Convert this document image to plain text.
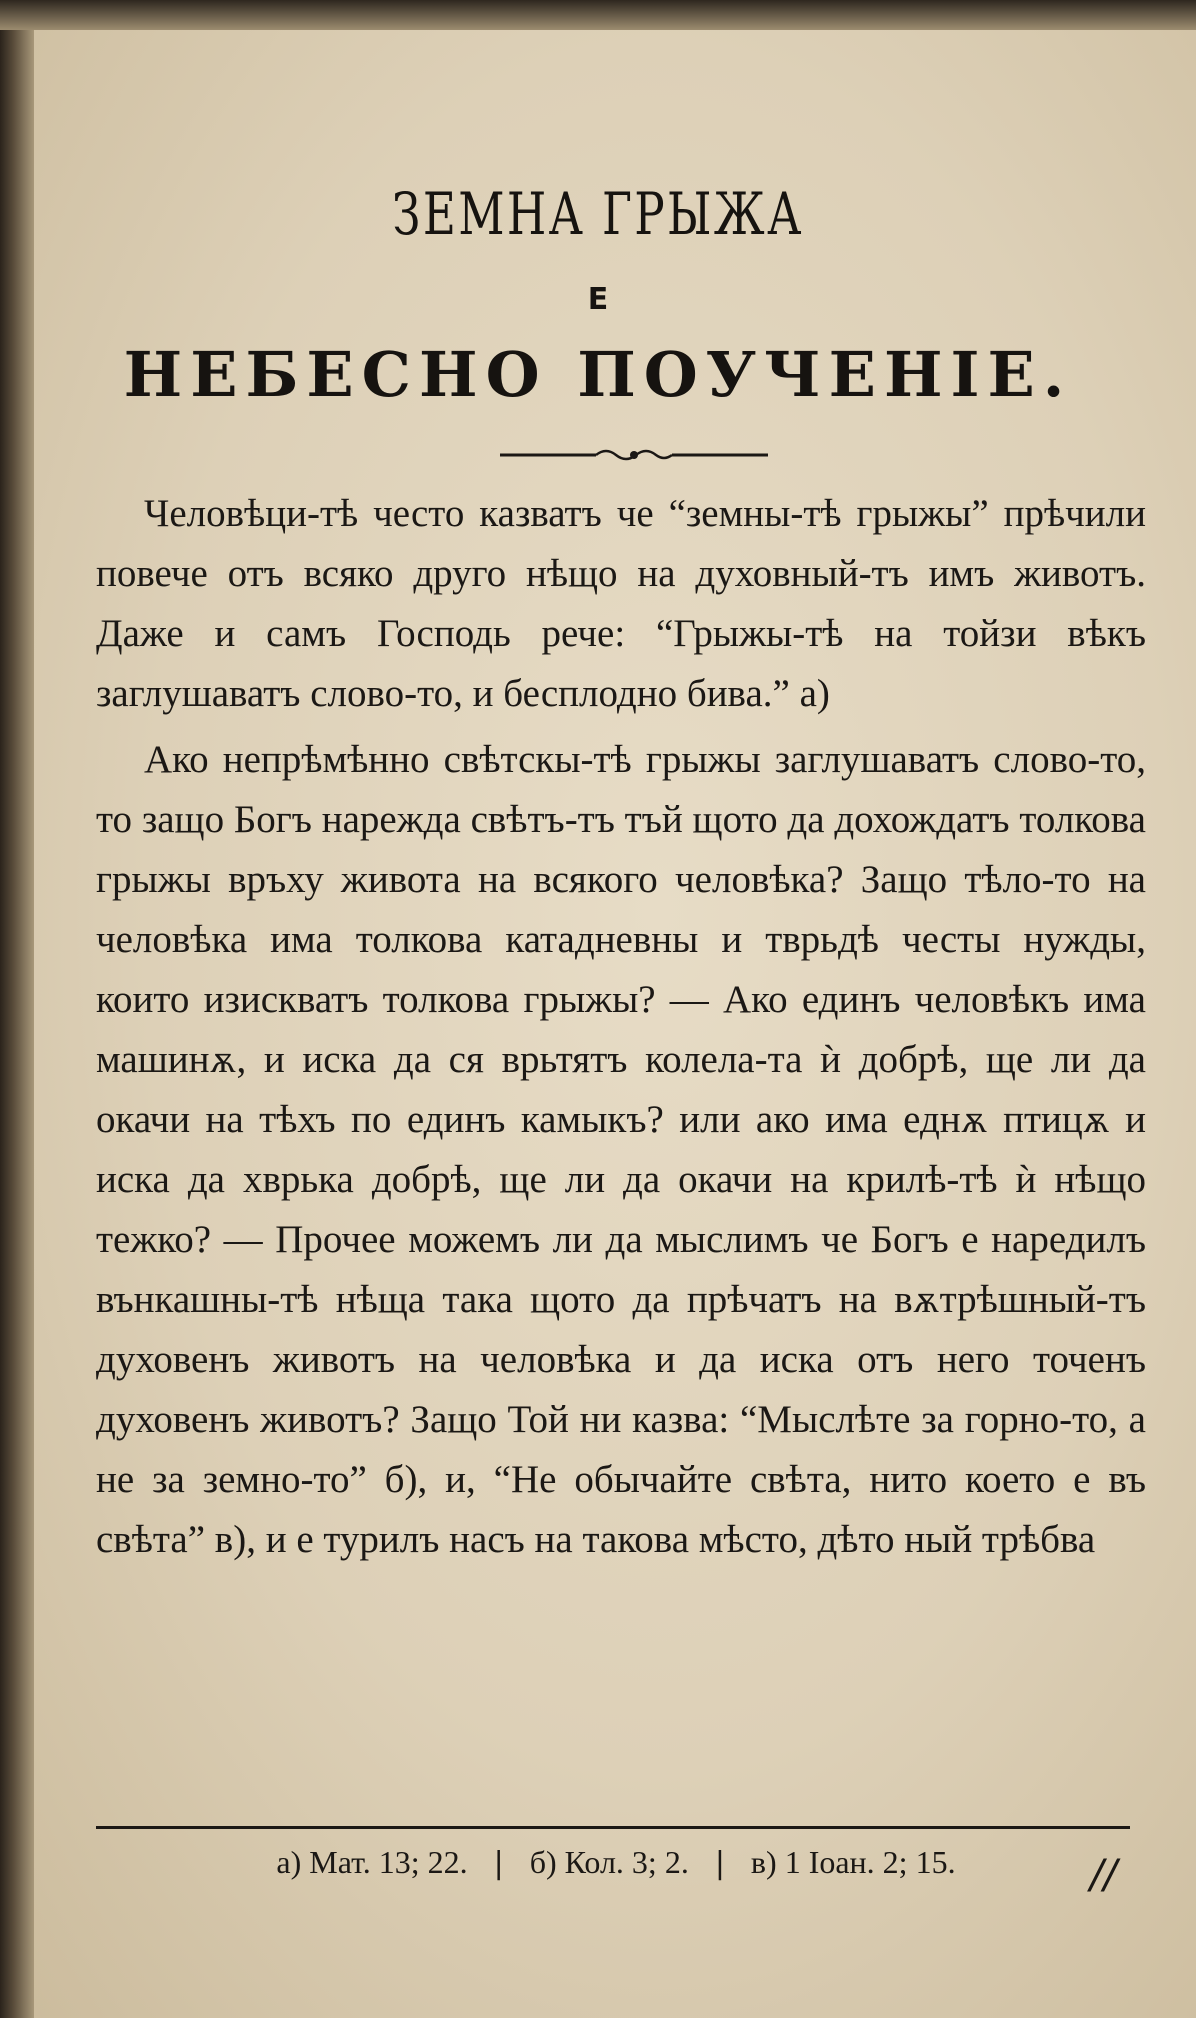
ЗЕМНА ГРЫЖА
Е
НЕБЕСНО ПОУЧЕНІЕ.

Человѣци-тѣ често казватъ че “земны-тѣ грыжы” прѣчили повече отъ всяко друго нѣщо на духовный-тъ имъ животъ. Даже и самъ Господь рече: “Грыжы-тѣ на тойзи вѣкъ заглушаватъ слово-то, и бесплодно бива.” а)

Ако непрѣмѣнно свѣтскы-тѣ грыжы заглушаватъ слово-то, то защо Богъ нарежда свѣтъ-тъ тъй щото да дохождатъ толкова грыжы връху живота на всякого человѣка? Защо тѣло-то на человѣка има толкова катадневны и тврьдѣ честы нужды, които изискватъ толкова грыжы? — Ако единъ человѣкъ има машинѫ, и иска да ся врьтятъ колела-та ѝ добрѣ, ще ли да окачи на тѣхъ по единъ камыкъ? или ако има еднѫ птицѫ и иска да хврька добрѣ, ще ли да окачи на крилѣ-тѣ ѝ нѣщо тежко? — Прочее можемъ ли да мыслимъ че Богъ е наредилъ вънкашны-тѣ нѣща така щото да прѣчатъ на вѫтрѣшный-тъ духовенъ животъ на человѣка и да иска отъ него точенъ духовенъ животъ? Защо Той ни казва: “Мыслѣте за горно-то, а не за земно-то” б), и, “Не обычайте свѣта, нито което е въ свѣта” в), и е турилъ насъ на такова мѣсто, дѣто ный трѣбва

а) Мат. 13; 22. | б) Кол. 3; 2. | в) 1 Іоан. 2; 15.	//
